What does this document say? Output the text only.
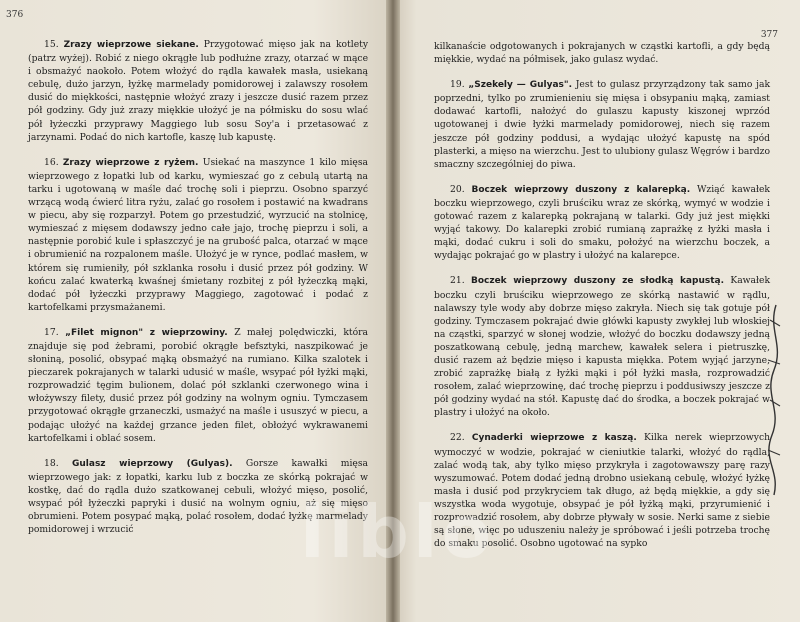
376

15. Zrazy wieprzowe siekane. Przygotować mięso jak na kotlety (patrz wyżej). Robić z niego okrągłe lub podłużne zrazy, otarzać w mące i obsmażyć naokoło. Potem włożyć do rądla kawałek masła, usiekaną cebulę, dużo jarzyn, łyżkę marmelady pomidorowej i zalawszy rosołem dusić do miękkości, następnie włożyć zrazy i jeszcze dusić razem przez pół godziny. Gdy już zrazy miękkie ułożyć je na półmisku do sosu wlać pół łyżeczki przyprawy Maggiego lub sosu Soy'a i przetasować z jarzynami. Podać do nich kartofle, kaszę lub kapustę.

16. Zrazy wieprzowe z ryżem. Usiekać na maszynce 1 kilo mięsa wieprzowego z łopatki lub od karku, wymieszać go z cebulą utartą na tarku i ugotowaną w maśle dać trochę soli i pieprzu. Osobno sparzyć wrzącą wodą ćwierć litra ryżu, zalać go rosołem i postawić na kwadrans w piecu, aby się rozparzył. Potem go przestudzić, wyrzucić na stolnicę, wymieszać z mięsem dodawszy jedno całe jajo, trochę pieprzu i soli, a następnie porobić kule i spłaszczyć je na grubość palca, otarzać w mące i obrumienić na rozpalonem maśle. Ułożyć je w rynce, podlać masłem, w którem się rumieniły, pół szklanka rosołu i dusić przez pół godziny. W końcu zalać kwaterką kwaśnej śmietany rozbitej z pół łyżeczką mąki, dodać pół łyżeczki przyprawy Maggiego, zagotować i podać z kartofelkami przysmażanemi.

17. „Filet mignon" z wieprzowiny. Z małej polędwiczki, która znajduje się pod żebrami, porobić okrągłe befsztyki, naszpikować je słoniną, posolić, obsypać mąką obsmażyć na rumiano. Kilka szalotek i pieczarek pokrajanych w talarki udusić w maśle, wsypać pół łyżki mąki, rozprowadzić tęgim bulionem, dolać pół szklanki czerwonego wina i włożywszy filety, dusić przez pół godziny na wolnym ogniu. Tymczasem przygotować okrągłe grzaneczki, usmażyć na maśle i ususzyć w piecu, a podając ułożyć na każdej grzance jeden filet, obłożyć wykrawanemi kartofelkami i oblać sosem.

18. Gulasz wieprzowy (Gulyas). Gorsze kawałki mięsa wieprzowego jak: z łopatki, karku lub z boczka ze skórką pokrajać w kostkę, dać do rądla dużo szatkowanej cebuli, włożyć mięso, posolić, wsypać pół łyżeczki papryki i dusić na wolnym ogniu, aż się mięso obrumieni. Potem posypać mąką, polać rosołem, dodać łyżkę marmelady pomidorowej i wrzucić

377

kilkanaście odgotowanych i pokrajanych w cząstki kartofli, a gdy będą miękkie, wydać na półmisek, jako gulasz wydać.

19. „Szekely — Gulyas". Jest to gulasz przyrządzony tak samo jak poprzedni, tylko po zrumienieniu się mięsa i obsypaniu mąką, zamiast dodawać kartofli, nałożyć do gulaszu kapusty kiszonej wprzód ugotowanej i dwie łyżki marmelady pomidorowej, niech się razem jeszcze pół godziny poddusi, a wydając ułożyć kapustę na spód plasterki, a mięso na wierzchu. Jest to ulubiony gulasz Węgrów i bardzo smaczny szczególniej do piwa.

20. Boczek wieprzowy duszony z kalarepką. Wziąć kawałek boczku wieprzowego, czyli bruściku wraz ze skórką, wymyć w wodzie i gotować razem z kalarepką pokrajaną w talarki. Gdy już jest miękki wyjąć takowy. Do kalarepki zrobić rumianą zaprażkę z łyżki masła i mąki, dodać cukru i soli do smaku, położyć na wierzchu boczek, a wydając pokrajać go w plastry i ułożyć na kalarepce.

21. Boczek wieprzowy duszony ze słodką kapustą. Kawałek boczku czyli bruściku wieprzowego ze skórką nastawić w rądlu, nalawszy tyle wody aby dobrze mięso zakryła. Niech się tak gotuje pół godziny. Tymczasem pokrajać dwie główki kapusty zwykłej lub włoskiej na cząstki, sparzyć w słonej wodzie, włożyć do boczku dodawszy jedną poszatkowaną cebulę, jedną marchew, kawałek selera i pietruszkę, dusić razem aż będzie mięso i kapusta miękka. Potem wyjąć jarzyne, zrobić zaprażkę białą z łyżki mąki i pół łyżki masła, rozprowadzić rosołem, zalać wieprzowinę, dać trochę pieprzu i poddusiwszy jeszcze z pół godziny wydać na stół. Kapustę dać do środka, a boczek pokrajać w plastry i ułożyć na około.

22. Cynaderki wieprzowe z kaszą. Kilka nerek wieprzowych wymoczyć w wodzie, pokrajać w cieniutkie talarki, włożyć do rądla, zalać wodą tak, aby tylko mięso przykryła i zagotowawszy parę razy wyszumować. Potem dodać jedną drobno usiekaną cebulę, włożyć łyżkę masła i dusić pod przykryciem tak długo, aż będą miękkie, a gdy się wszystka woda wygotuje, obsypać je pół łyżką mąki, przyrumienić i rozprowadzić rosołem, aby dobrze pływały w sosie. Nerki same z siebie są słone, więc po uduszeniu należy je spróbować i jeśli potrzeba trochę do smaku posolić. Osobno ugotować na sypko

liblo
